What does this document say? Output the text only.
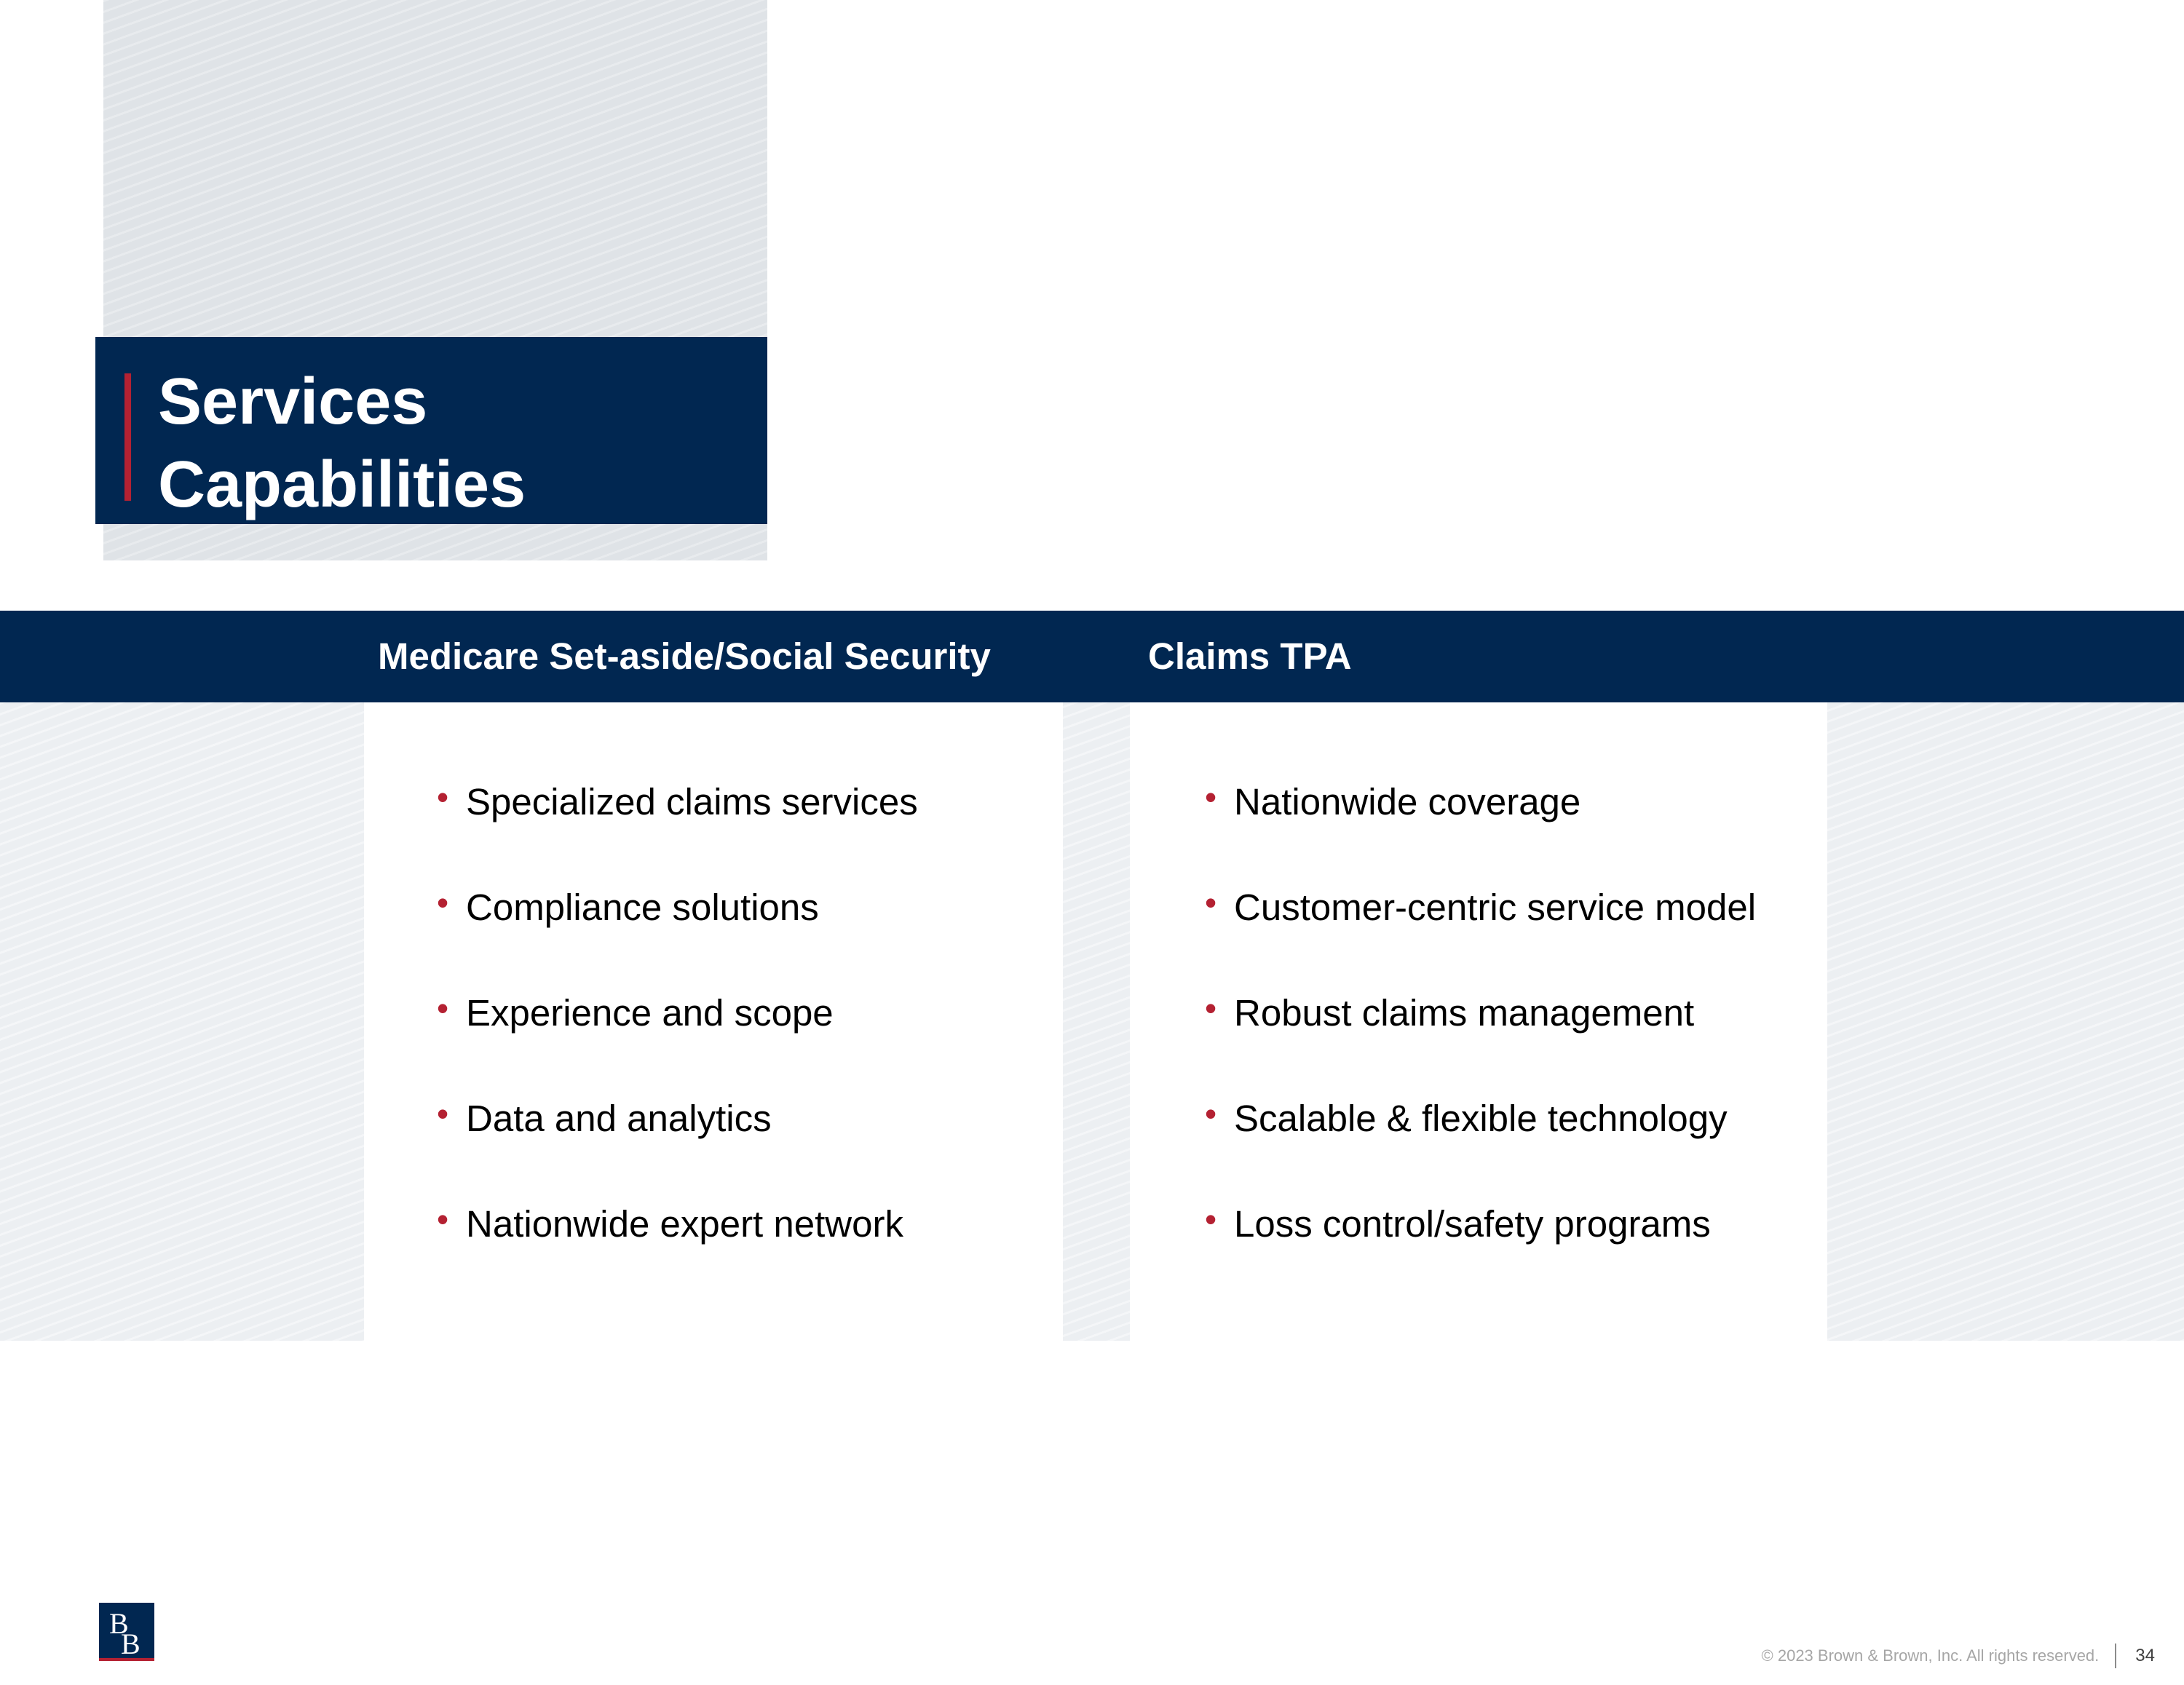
Services
Capabilities
Medicare Set-aside/Social Security	Claims TPA
• Specialized claims services
• Compliance solutions
• Experience and scope
• Data and analytics
• Nationwide expert network
• Nationwide coverage
• Customer-centric service model
• Robust claims management
• Scalable & flexible technology
• Loss control/safety programs
B
B	© 2023 Brown & Brown, Inc. All rights reserved. 34
